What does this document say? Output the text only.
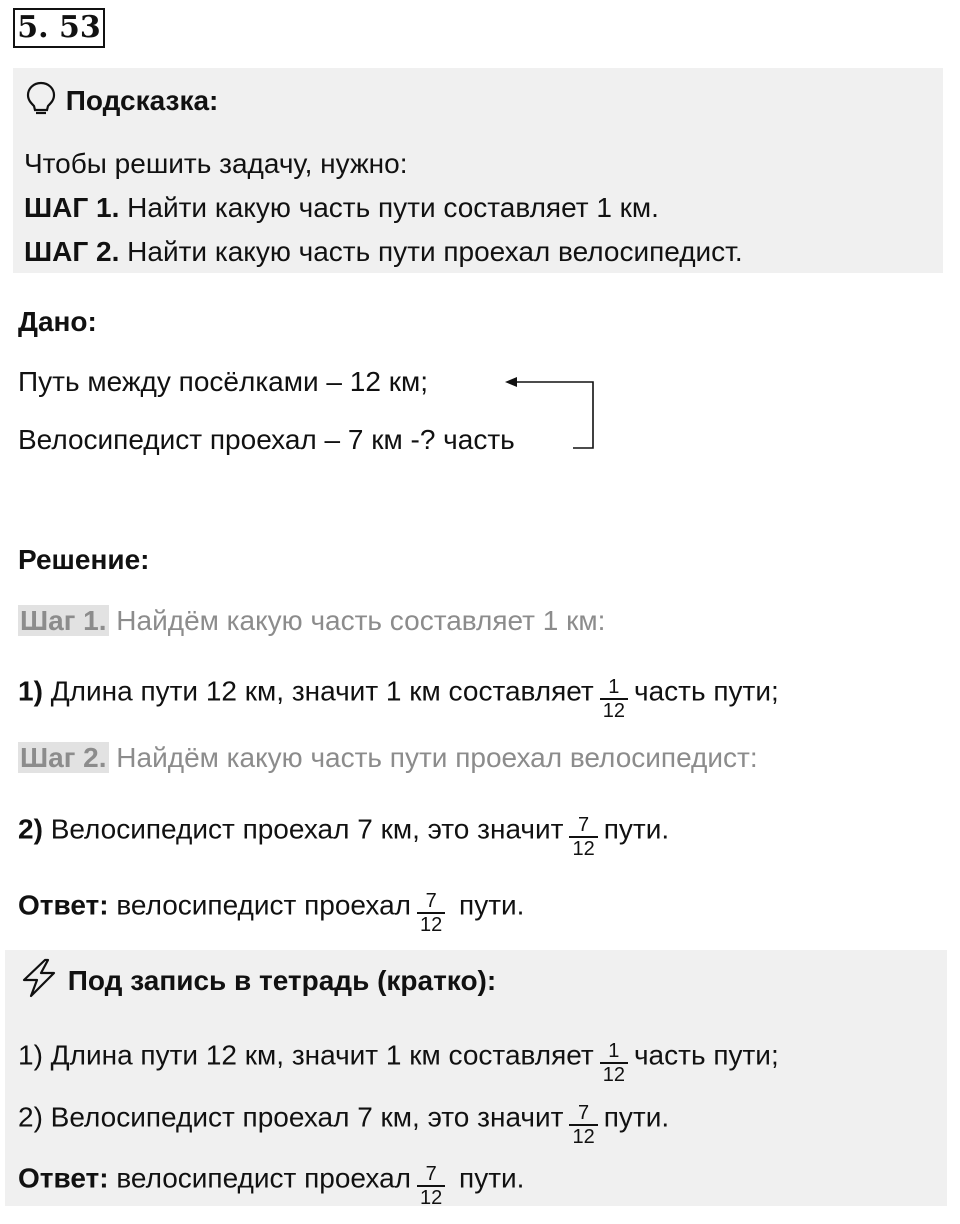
5. 53
Подсказка:
Чтобы решить задачу, нужно:
ШАГ 1. Найти какую часть пути составляет 1 км.
ШАГ 2. Найти какую часть пути проехал велосипедист.
Дано:
Путь между посёлками – 12 км;
Велосипедист проехал – 7 км -? часть
Решение:
Шаг 1. Найдём какую часть составляет 1 км:
1) Длина пути 12 км, значит 1 км составляет $\frac{1}{12}$ часть пути;
Шаг 2. Найдём какую часть пути проехал велосипедист:
2) Велосипедист проехал 7 км, это значит $\frac{7}{12}$ пути.
Ответ: велосипедист проехал $\frac{7}{12}$ пути.
Под запись в тетрадь (кратко):
1) Длина пути 12 км, значит 1 км составляет $\frac{1}{12}$ часть пути;
2) Велосипедист проехал 7 км, это значит $\frac{7}{12}$ пути.
Ответ: велосипедист проехал $\frac{7}{12}$ пути.
